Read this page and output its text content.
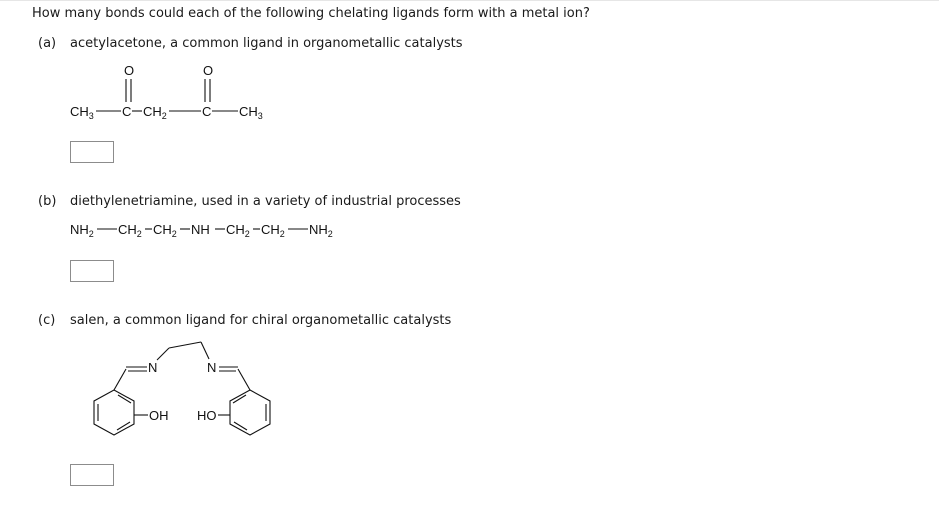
How many bonds could each of the following chelating ligands form with a metal ion?
(a) acetylacetone, a common ligand in organometallic catalysts
O	O
$CH_3$ C $CH_2$	C $CH_3$
(b) diethylenetriamine, used in a variety of industrial processes
$NH_2$ $CH_2$ $CH_2$ NH $CH_2$ $CH_2$ $NH_2$
(c) salen, a common ligand for chiral organometallic catalysts
N	N
OH HO
